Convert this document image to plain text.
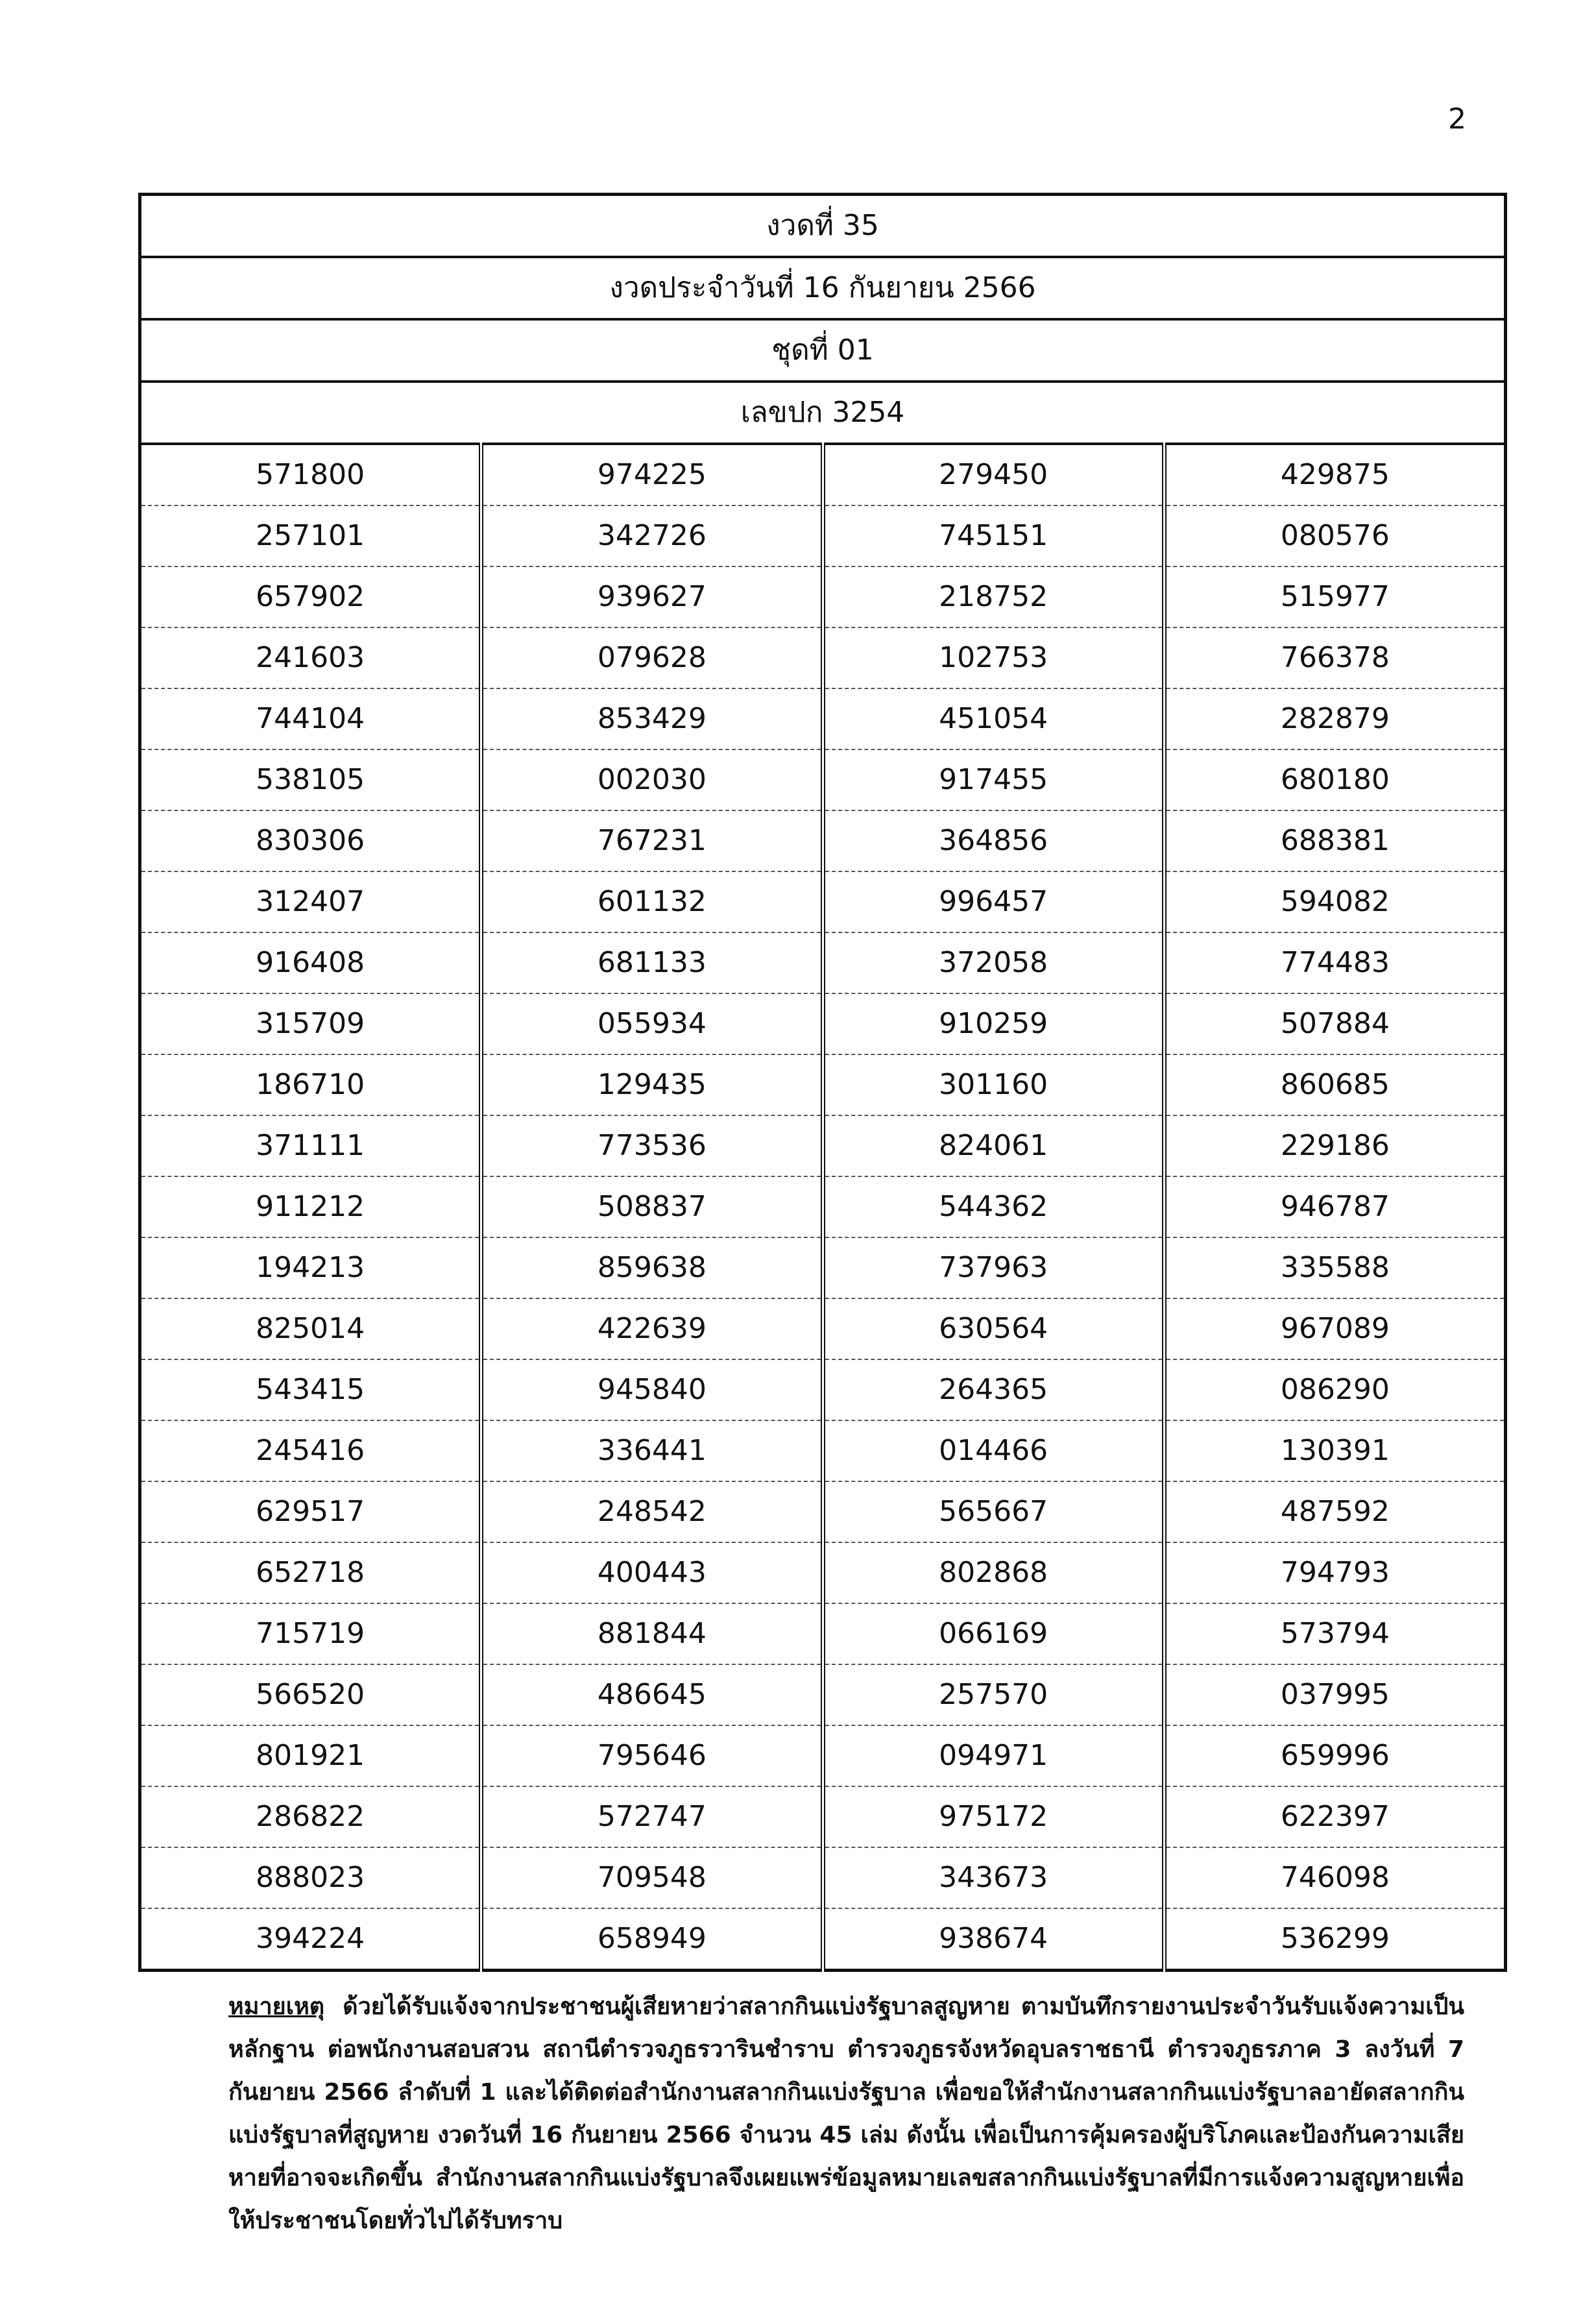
2
งวดที่ 35			
งวดประจำวันที่ 16 กันยายน 2566			
ชุดที่ 01			
เลขปก 3254			
571800	974225	279450	429875
257101	342726	745151	080576
657902	939627	218752	515977
241603	079628	102753	766378
744104	853429	451054	282879
538105	002030	917455	680180
830306	767231	364856	688381
312407	601132	996457	594082
916408	681133	372058	774483
315709	055934	910259	507884
186710	129435	301160	860685
371111	773536	824061	229186
911212	508837	544362	946787
194213	859638	737963	335588
825014	422639	630564	967089
543415	945840	264365	086290
245416	336441	014466	130391
629517	248542	565667	487592
652718	400443	802868	794793
715719	881844	066169	573794
566520	486645	257570	037995
801921	795646	094971	659996
286822	572747	975172	622397
888023	709548	343673	746098
394224	658949	938674	536299
หมายเหตุ ด้วยได้รับแจ้งจากประชาชนผู้เสียหายว่าสลากกินแบ่งรัฐบาลสูญหาย ตามบันทึกรายงานประจำวันรับแจ้งความเป็นหลักฐาน ต่อพนักงานสอบสวน สถานีตำรวจภูธรวารินชำราบ ตำรวจภูธรจังหวัดอุบลราชธานี ตำรวจภูธรภาค 3 ลงวันที่ 7 กันยายน 2566 ลำดับที่ 1 และได้ติดต่อสำนักงานสลากกินแบ่งรัฐบาล เพื่อขอให้สำนักงานสลากกินแบ่งรัฐบาลอายัดสลากกินแบ่งรัฐบาลที่สูญหาย งวดวันที่ 16 กันยายน 2566 จำนวน 45 เล่ม ดังนั้น เพื่อเป็นการคุ้มครองผู้บริโภคและป้องกันความเสียหายที่อาจจะเกิดขึ้น สำนักงานสลากกินแบ่งรัฐบาลจึงเผยแพร่ข้อมูลหมายเลขสลากกินแบ่งรัฐบาลที่มีการแจ้งความสูญหายเพื่อให้ประชาชนโดยทั่วไปได้รับทราบ
